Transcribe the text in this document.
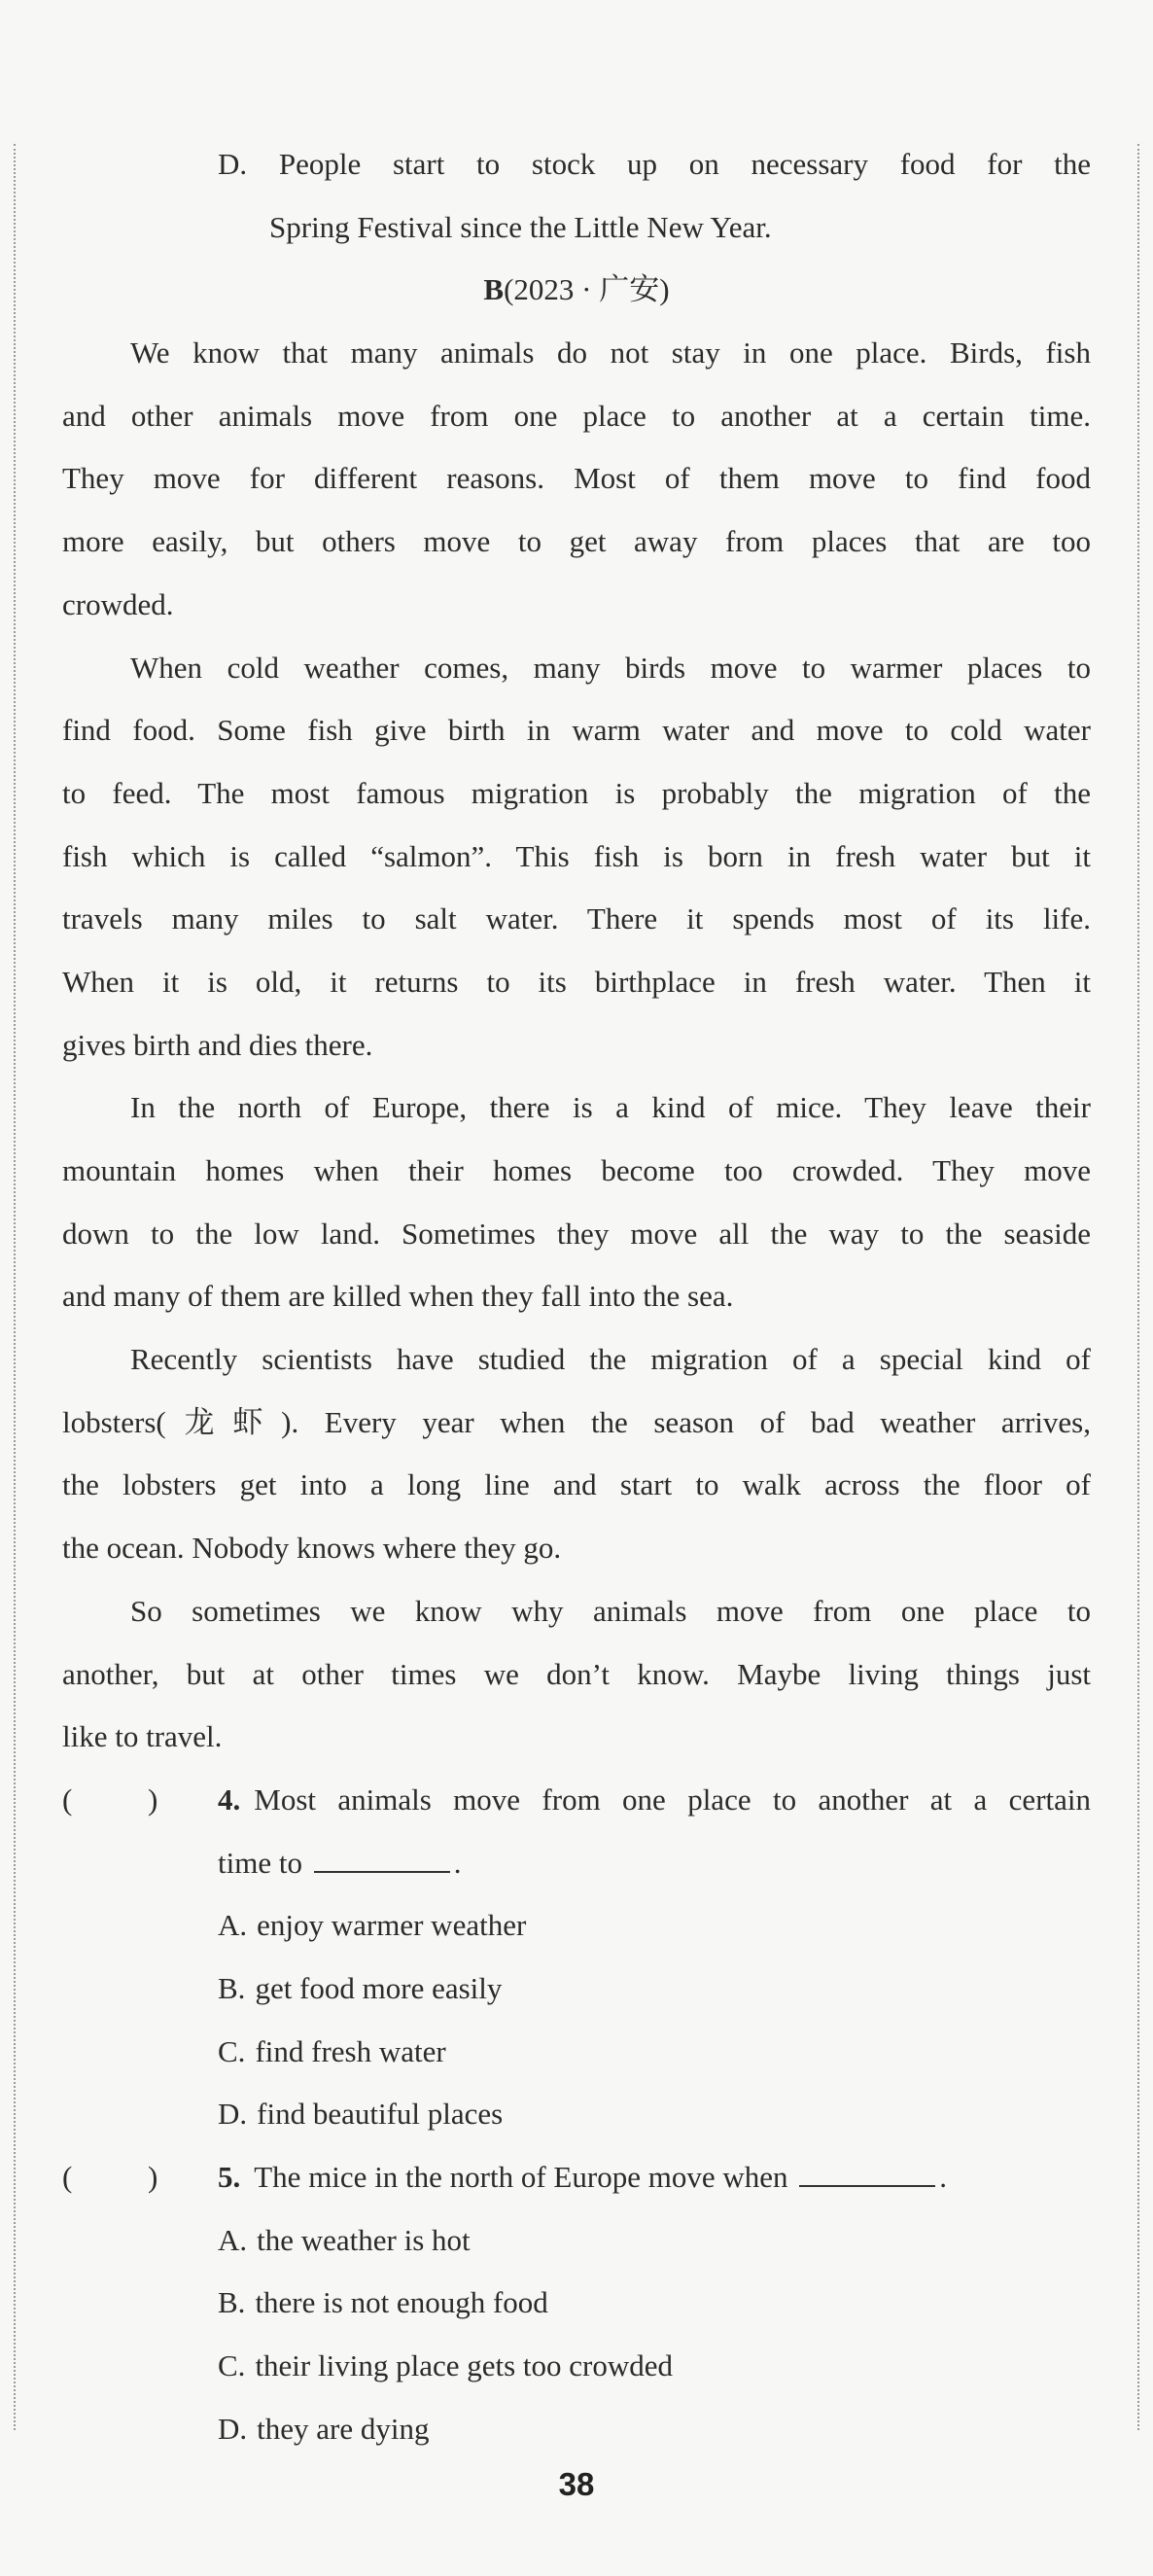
D. People start to stock up on necessary food for the
Spring Festival since the Little New Year.
B(2023 · 广安)
We know that many animals do not stay in one place. Birds, fish
and other animals move from one place to another at a certain time.
They move for different reasons. Most of them move to find food
more easily, but others move to get away from places that are too
crowded.
When cold weather comes, many birds move to warmer places to
find food. Some fish give birth in warm water and move to cold water
to feed. The most famous migration is probably the migration of the
fish which is called “salmon”. This fish is born in fresh water but it
travels many miles to salt water. There it spends most of its life.
When it is old, it returns to its birthplace in fresh water. Then it
gives birth and dies there.
In the north of Europe, there is a kind of mice. They leave their
mountain homes when their homes become too crowded. They move
down to the low land. Sometimes they move all the way to the seaside
and many of them are killed when they fall into the sea.
Recently scientists have studied the migration of a special kind of
lobsters(龙虾). Every year when the season of bad weather arrives,
the lobsters get into a long line and start to walk across the floor of
the ocean. Nobody knows where they go.
So sometimes we know why animals move from one place to
another, but at other times we don’t know. Maybe living things just
like to travel.
(	) 4. Most animals move from one place to another at a certain
time to	.
A. enjoy warmer weather
B. get food more easily
C. find fresh water
D. find beautiful places
(	) 5. The mice in the north of Europe move when	.
A. the weather is hot
B. there is not enough food
C. their living place gets too crowded
D. they are dying
38
